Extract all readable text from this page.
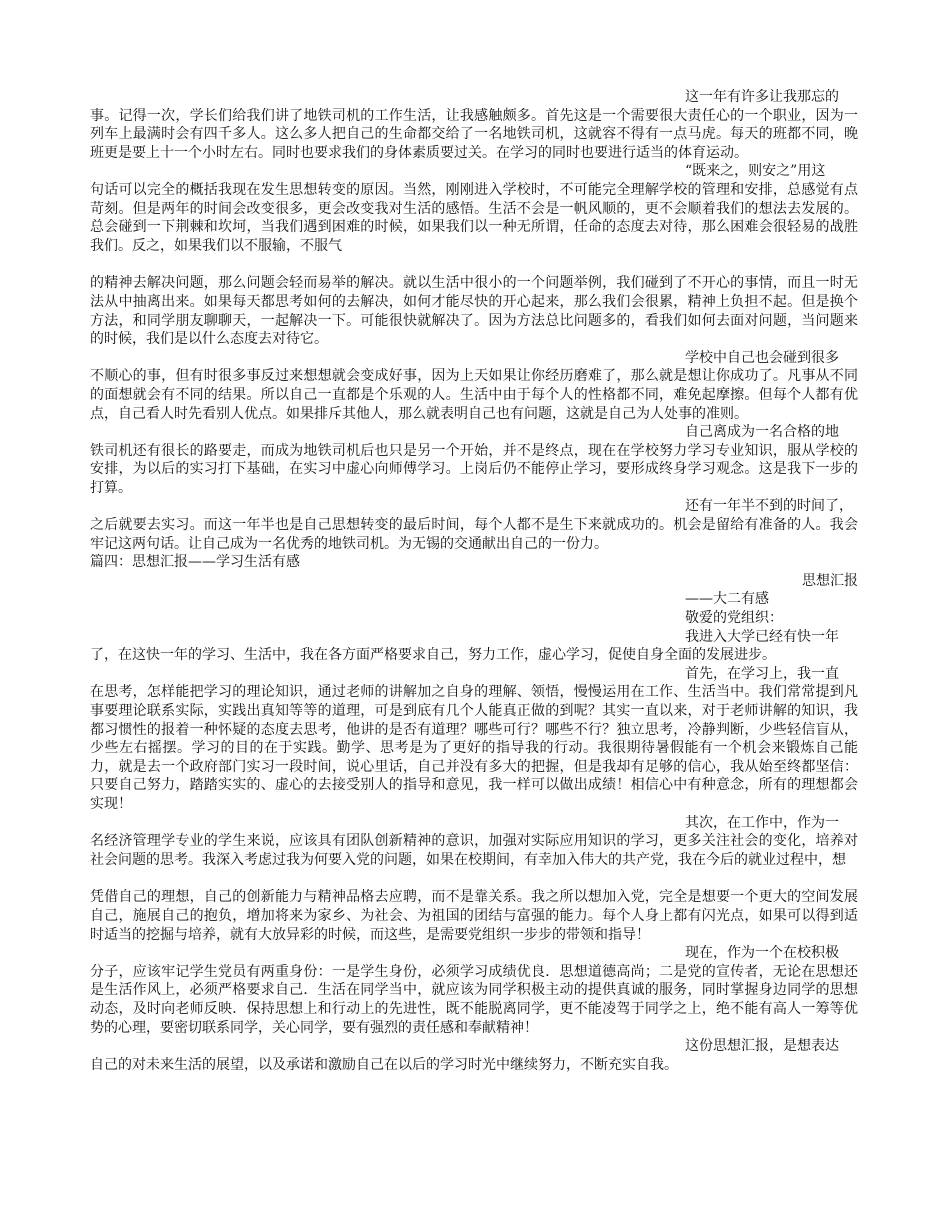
这一年有许多让我那忘的
事。记得一次，学长们给我们讲了地铁司机的工作生活，让我感触颇多。首先这是一个需要很大责任心的一个职业，因为一列车上最满时会有四千多人。这么多人把自己的生命都交给了一名地铁司机，这就容不得有一点马虎。每天的班都不同，晚班更是要上十一个小时左右。同时也要求我们的身体素质要过关。在学习的同时也要进行适当的体育运动。

“既来之，则安之”用这
句话可以完全的概括我现在发生思想转变的原因。当然，刚刚进入学校时，不可能完全理解学校的管理和安排，总感觉有点苛刻。但是两年的时间会改变很多，更会改变我对生活的感悟。生活不会是一帆风顺的，更不会顺着我们的想法去发展的。总会碰到一下荆棘和坎坷，当我们遇到困难的时候，如果我们以一种无所谓，任命的态度去对待，那么困难会很轻易的战胜我们。反之，如果我们以不服输，不服气

的精神去解决问题，那么问题会轻而易举的解决。就以生活中很小的一个问题举例，我们碰到了不开心的事情，而且一时无法从中抽离出来。如果每天都思考如何的去解决，如何才能尽快的开心起来，那么我们会很累，精神上负担不起。但是换个方法，和同学朋友聊聊天，一起解决一下。可能很快就解决了。因为方法总比问题多的，看我们如何去面对问题，当问题来的时候，我们是以什么态度去对待它。

学校中自己也会碰到很多
不顺心的事，但有时很多事反过来想想就会变成好事，因为上天如果让你经历磨难了，那么就是想让你成功了。凡事从不同的面想就会有不同的结果。所以自己一直都是个乐观的人。生活中由于每个人的性格都不同，难免起摩擦。但每个人都有优点，自己看人时先看别人优点。如果排斥其他人，那么就表明自己也有问题，这就是自己为人处事的准则。

自己离成为一名合格的地
铁司机还有很长的路要走，而成为地铁司机后也只是另一个开始，并不是终点，现在在学校努力学习专业知识，服从学校的安排，为以后的实习打下基础，在实习中虚心向师傅学习。上岗后仍不能停止学习，要形成终身学习观念。这是我下一步的打算。

还有一年半不到的时间了，
之后就要去实习。而这一年半也是自己思想转变的最后时间，每个人都不是生下来就成功的。机会是留给有准备的人。我会牢记这两句话。让自己成为一名优秀的地铁司机。为无锡的交通献出自己的一份力。

篇四：思想汇报——学习生活有感

思想汇报

——大二有感

敬爱的党组织：

我进入大学已经有快一年
了，在这快一年的学习、生活中，我在各方面严格要求自己，努力工作，虚心学习，促使自身全面的发展进步。

首先，在学习上，我一直
在思考，怎样能把学习的理论知识，通过老师的讲解加之自身的理解、领悟，慢慢运用在工作、生活当中。我们常常提到凡事要理论联系实际，实践出真知等等的道理，可是到底有几个人能真正做的到呢？其实一直以来，对于老师讲解的知识，我都习惯性的报着一种怀疑的态度去思考，他讲的是否有道理？哪些可行？哪些不行？独立思考，冷静判断，少些轻信盲从，少些左右摇摆。学习的目的在于实践。勤学、思考是为了更好的指导我的行动。我很期待暑假能有一个机会来锻炼自己能力，就是去一个政府部门实习一段时间，说心里话，自己并没有多大的把握，但是我却有足够的信心，我从始至终都坚信：只要自己努力，踏踏实实的、虚心的去接受别人的指导和意见，我一样可以做出成绩！相信心中有种意念，所有的理想都会实现！

其次，在工作中，作为一
名经济管理学专业的学生来说，应该具有团队创新精神的意识，加强对实际应用知识的学习，更多关注社会的变化，培养对社会问题的思考。我深入考虑过我为何要入党的问题，如果在校期间，有幸加入伟大的共产党，我在今后的就业过程中，想

凭借自己的理想，自己的创新能力与精神品格去应聘，而不是靠关系。我之所以想加入党，完全是想要一个更大的空间发展自己，施展自己的抱负，增加将来为家乡、为社会、为祖国的团结与富强的能力。每个人身上都有闪光点，如果可以得到适时适当的挖掘与培养，就有大放异彩的时候，而这些，是需要党组织一步步的带领和指导！

现在，作为一个在校积极
分子，应该牢记学生党员有两重身份：一是学生身份，必须学习成绩优良．思想道德高尚；二是党的宣传者，无论在思想还是生活作风上，必须严格要求自己．生活在同学当中，就应该为同学积极主动的提供真诚的服务，同时掌握身边同学的思想动态，及时向老师反映．保持思想上和行动上的先进性，既不能脱离同学，更不能凌驾于同学之上，绝不能有高人一筹等优势的心理，要密切联系同学，关心同学，要有强烈的责任感和奉献精神！

这份思想汇报，是想表达
自己的对未来生活的展望，以及承诺和激励自己在以后的学习时光中继续努力，不断充实自我。
